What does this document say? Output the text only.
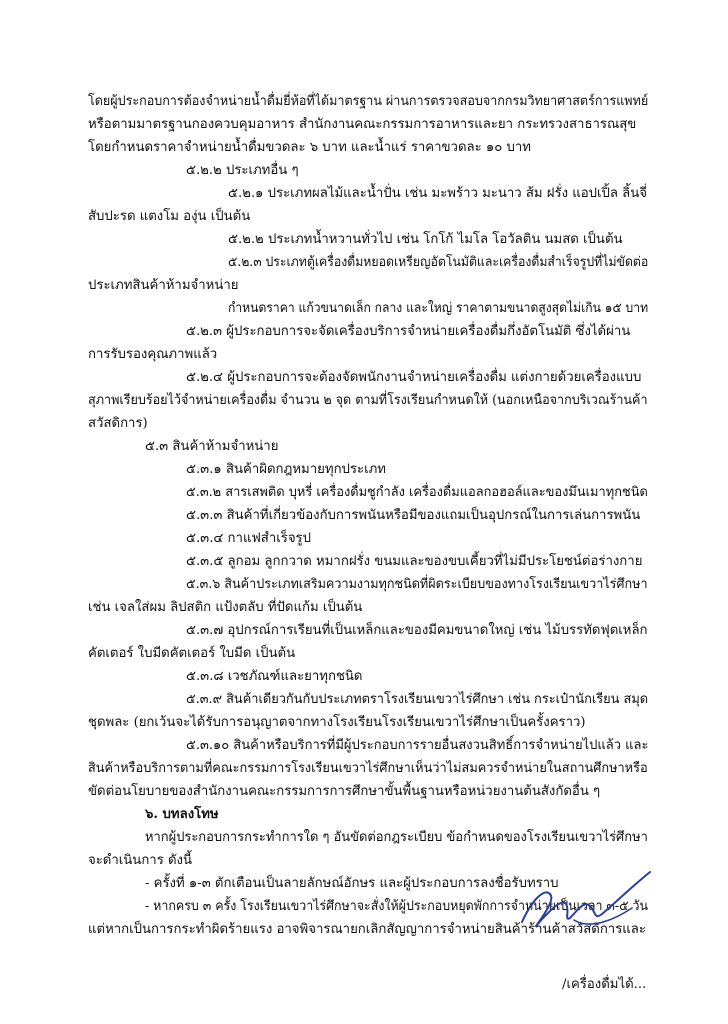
โดยผู้ประกอบการต้องจำหน่ายน้ำดื่มยี่ห้อที่ได้มาตรฐาน ผ่านการตรวจสอบจากกรมวิทยาศาสตร์การแพทย์
หรือตามมาตรฐานกองควบคุมอาหาร สำนักงานคณะกรรมการอาหารและยา กระทรวงสาธารณสุข
โดยกำหนดราคาจำหน่ายน้ำดื่มขวดละ ๖ บาท และน้ำแร่ ราคาขวดละ ๑๐ บาท
๕.๒.๒ ประเภทอื่น ๆ
๕.๒.๑ ประเภทผลไม้และน้ำปั่น เช่น มะพร้าว มะนาว ส้ม ฝรั่ง แอปเปิ้ล ลิ้นจี่
สับปะรด แตงโม องุ่น เป็นต้น
๕.๒.๒ ประเภทน้ำหวานทั่วไป เช่น โกโก้ ไมโล โอวัลติน นมสด เป็นต้น
๕.๒.๓ ประเภทตู้เครื่องดื่มหยอดเหรียญอัตโนมัติและเครื่องดื่มสำเร็จรูปที่ไม่ขัดต่อ
ประเภทสินค้าห้ามจำหน่าย
กำหนดราคา แก้วขนาดเล็ก กลาง และใหญ่ ราคาตามขนาดสูงสุดไม่เกิน ๑๕ บาท
๕.๒.๓ ผู้ประกอบการจะจัดเครื่องบริการจำหน่ายเครื่องดื่มกึ่งอัตโนมัติ ซึ่งได้ผ่าน
การรับรองคุณภาพแล้ว
๕.๒.๔ ผู้ประกอบการจะต้องจัดพนักงานจำหน่ายเครื่องดื่ม แต่งกายด้วยเครื่องแบบ
สุภาพเรียบร้อยไว้จำหน่ายเครื่องดื่ม จำนวน ๒ จุด ตามที่โรงเรียนกำหนดให้ (นอกเหนือจากบริเวณร้านค้า
สวัสดิการ)
๕.๓ สินค้าห้ามจำหน่าย
๕.๓.๑ สินค้าผิดกฎหมายทุกประเภท
๕.๓.๒ สารเสพติด บุหรี่ เครื่องดื่มชูกำลัง เครื่องดื่มแอลกอฮอล์และของมึนเมาทุกชนิด
๕.๓.๓ สินค้าที่เกี่ยวข้องกับการพนันหรือมีของแถมเป็นอุปกรณ์ในการเล่นการพนัน
๕.๓.๔ กาแฟสำเร็จรูป
๕.๓.๕ ลูกอม ลูกกวาด หมากฝรั่ง ขนมและของขบเคี้ยวที่ไม่มีประโยชน์ต่อร่างกาย
๕.๓.๖ สินค้าประเภทเสริมความงามทุกชนิดที่ผิดระเบียบของทางโรงเรียนเขวาไร่ศึกษา
เช่น เจลใส่ผม ลิปสติก แป้งตลับ ที่ปัดแก้ม เป็นต้น
๕.๓.๗ อุปกรณ์การเรียนที่เป็นเหล็กและของมีคมขนาดใหญ่ เช่น ไม้บรรทัดฟุตเหล็ก
คัตเตอร์ ใบมีดคัตเตอร์ ใบมีด เป็นต้น
๕.๓.๘ เวชภัณฑ์และยาทุกชนิด
๕.๓.๙ สินค้าเดียวกันกับประเภทตราโรงเรียนเขวาไร่ศึกษา เช่น กระเป๋านักเรียน สมุด
ชุดพละ (ยกเว้นจะได้รับการอนุญาตจากทางโรงเรียนโรงเรียนเขวาไร่ศึกษาเป็นครั้งคราว)
๕.๓.๑๐ สินค้าหรือบริการที่มีผู้ประกอบการรายอื่นสงวนสิทธิ์การจำหน่ายไปแล้ว และ
สินค้าหรือบริการตามที่คณะกรรมการโรงเรียนเขวาไร่ศึกษาเห็นว่าไม่สมควรจำหน่ายในสถานศึกษาหรือ
ขัดต่อนโยบายของสำนักงานคณะกรรมการการศึกษาขั้นพื้นฐานหรือหน่วยงานต้นสังกัดอื่น ๆ
๖. บทลงโทษ
หากผู้ประกอบการกระทำการใด ๆ อันขัดต่อกฎระเบียบ ข้อกำหนดของโรงเรียนเขวาไร่ศึกษา
จะดำเนินการ ดังนี้
- ครั้งที่ ๑-๓ ตักเตือนเป็นลายลักษณ์อักษร และผู้ประกอบการลงชื่อรับทราบ
- หากครบ ๓ ครั้ง โรงเรียนเขวาไร่ศึกษาจะสั่งให้ผู้ประกอบหยุดพักการจำหน่ายเป็นเวลา ๓-๕ วัน
แต่หากเป็นการกระทำผิดร้ายแรง อาจพิจารณายกเลิกสัญญาการจำหน่ายสินค้าร้านค้าสวัสดิการและ
/เครื่องดื่มได้...
